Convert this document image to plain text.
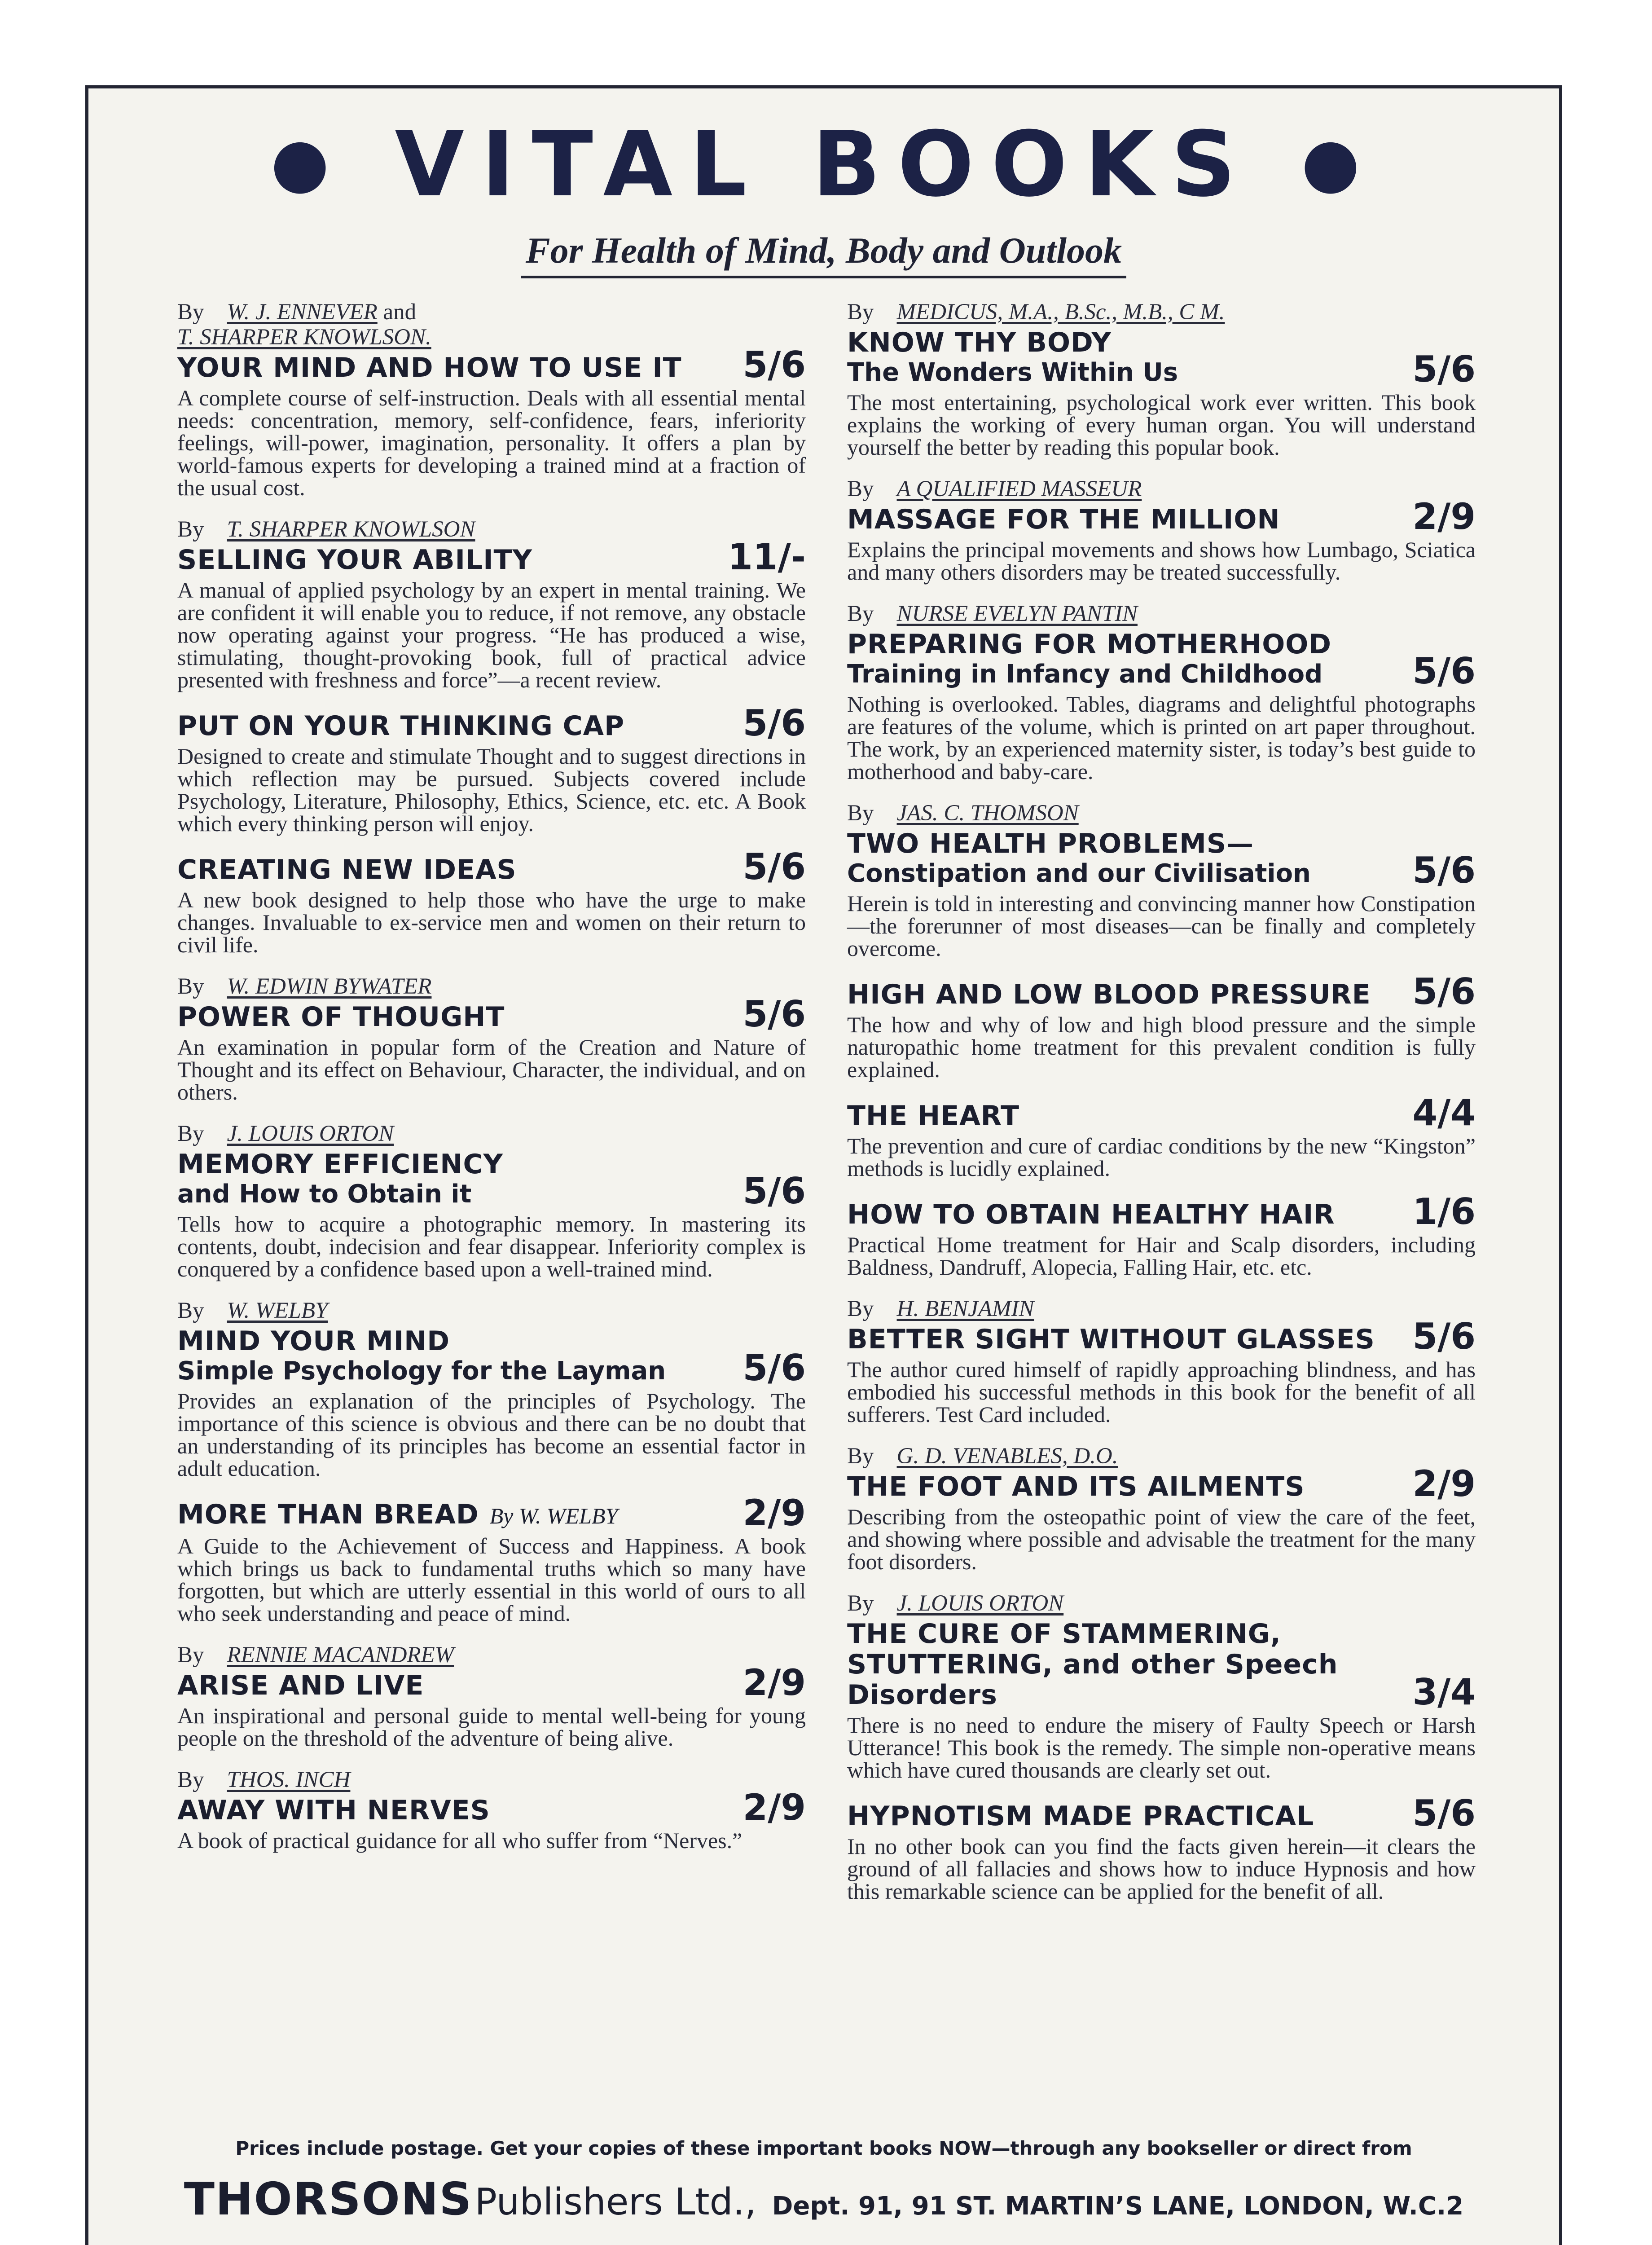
● VITAL BOOKS ●
For Health of Mind, Body and Outlook
By  W. J. ENNEVER and
T. SHARPER KNOWLSON.
YOUR MIND AND HOW TO USE IT	5/6
A complete course of self-instruction. Deals with all essential mental needs: concentration, memory, self-confidence, fears, inferiority feelings, will-power, imagination, personality. It offers a plan by world-famous experts for developing a trained mind at a fraction of the usual cost.
By  T. SHARPER KNOWLSON
SELLING YOUR ABILITY	11/-
A manual of applied psychology by an expert in mental training. We are confident it will enable you to reduce, if not remove, any obstacle now operating against your progress. “He has produced a wise, stimulating, thought-provoking book, full of practical advice presented with freshness and force”—a recent review.
PUT ON YOUR THINKING CAP	5/6
Designed to create and stimulate Thought and to suggest directions in which reflection may be pursued. Subjects covered include Psychology, Literature, Philosophy, Ethics, Science, etc. etc. A Book which every thinking person will enjoy.
CREATING NEW IDEAS	5/6
A new book designed to help those who have the urge to make changes. Invaluable to ex-service men and women on their return to civil life.
By  W. EDWIN BYWATER
POWER OF THOUGHT	5/6
An examination in popular form of the Creation and Nature of Thought and its effect on Behaviour, Character, the individual, and on others.
By  J. LOUIS ORTON
MEMORY EFFICIENCY
and How to Obtain it	5/6
Tells how to acquire a photographic memory. In mastering its contents, doubt, indecision and fear disappear. Inferiority complex is conquered by a confidence based upon a well-trained mind.
By  W. WELBY
MIND YOUR MIND
Simple Psychology for the Layman	5/6
Provides an explanation of the principles of Psychology. The importance of this science is obvious and there can be no doubt that an understanding of its principles has become an essential factor in adult education.
MORE THAN BREAD By W. WELBY	2/9
A Guide to the Achievement of Success and Happiness. A book which brings us back to fundamental truths which so many have forgotten, but which are utterly essential in this world of ours to all who seek understanding and peace of mind.
By  RENNIE MACANDREW
ARISE AND LIVE	2/9
An inspirational and personal guide to mental well-being for young people on the threshold of the adventure of being alive.
By  THOS. INCH
AWAY WITH NERVES	2/9
A book of practical guidance for all who suffer from “Nerves.”
By  MEDICUS, M.A., B.Sc., M.B., C M.
KNOW THY BODY
The Wonders Within Us	5/6
The most entertaining, psychological work ever written. This book explains the working of every human organ. You will understand yourself the better by reading this popular book.
By  A QUALIFIED MASSEUR
MASSAGE FOR THE MILLION	2/9
Explains the principal movements and shows how Lumbago, Sciatica and many others disorders may be treated successfully.
By  NURSE EVELYN PANTIN
PREPARING FOR MOTHERHOOD
Training in Infancy and Childhood	5/6
Nothing is overlooked. Tables, diagrams and delightful photographs are features of the volume, which is printed on art paper throughout. The work, by an experienced maternity sister, is today’s best guide to motherhood and baby-care.
By  JAS. C. THOMSON
TWO HEALTH PROBLEMS—
Constipation and our Civilisation	5/6
Herein is told in interesting and convincing manner how Constipation—the forerunner of most diseases—can be finally and completely overcome.
HIGH AND LOW BLOOD PRESSURE	5/6
The how and why of low and high blood pressure and the simple naturopathic home treatment for this prevalent condition is fully explained.
THE HEART	4/4
The prevention and cure of cardiac conditions by the new “Kingston” methods is lucidly explained.
HOW TO OBTAIN HEALTHY HAIR	1/6
Practical Home treatment for Hair and Scalp disorders, including Baldness, Dandruff, Alopecia, Falling Hair, etc. etc.
By  H. BENJAMIN
BETTER SIGHT WITHOUT GLASSES	5/6
The author cured himself of rapidly approaching blindness, and has embodied his successful methods in this book for the benefit of all sufferers. Test Card included.
By  G. D. VENABLES, D.O.
THE FOOT AND ITS AILMENTS	2/9
Describing from the osteopathic point of view the care of the feet, and showing where possible and advisable the treatment for the many foot disorders.
By  J. LOUIS ORTON
THE CURE OF STAMMERING, STUTTERING, and other Speech Disorders	3/4
There is no need to endure the misery of Faulty Speech or Harsh Utterance! This book is the remedy. The simple non-operative means which have cured thousands are clearly set out.
HYPNOTISM MADE PRACTICAL	5/6
In no other book can you find the facts given herein—it clears the ground of all fallacies and shows how to induce Hypnosis and how this remarkable science can be applied for the benefit of all.
Prices include postage. Get your copies of these important books NOW—through any bookseller or direct from
THORSONS Publishers Ltd., Dept. 91, 91 ST. MARTIN’S LANE, LONDON, W.C.2
